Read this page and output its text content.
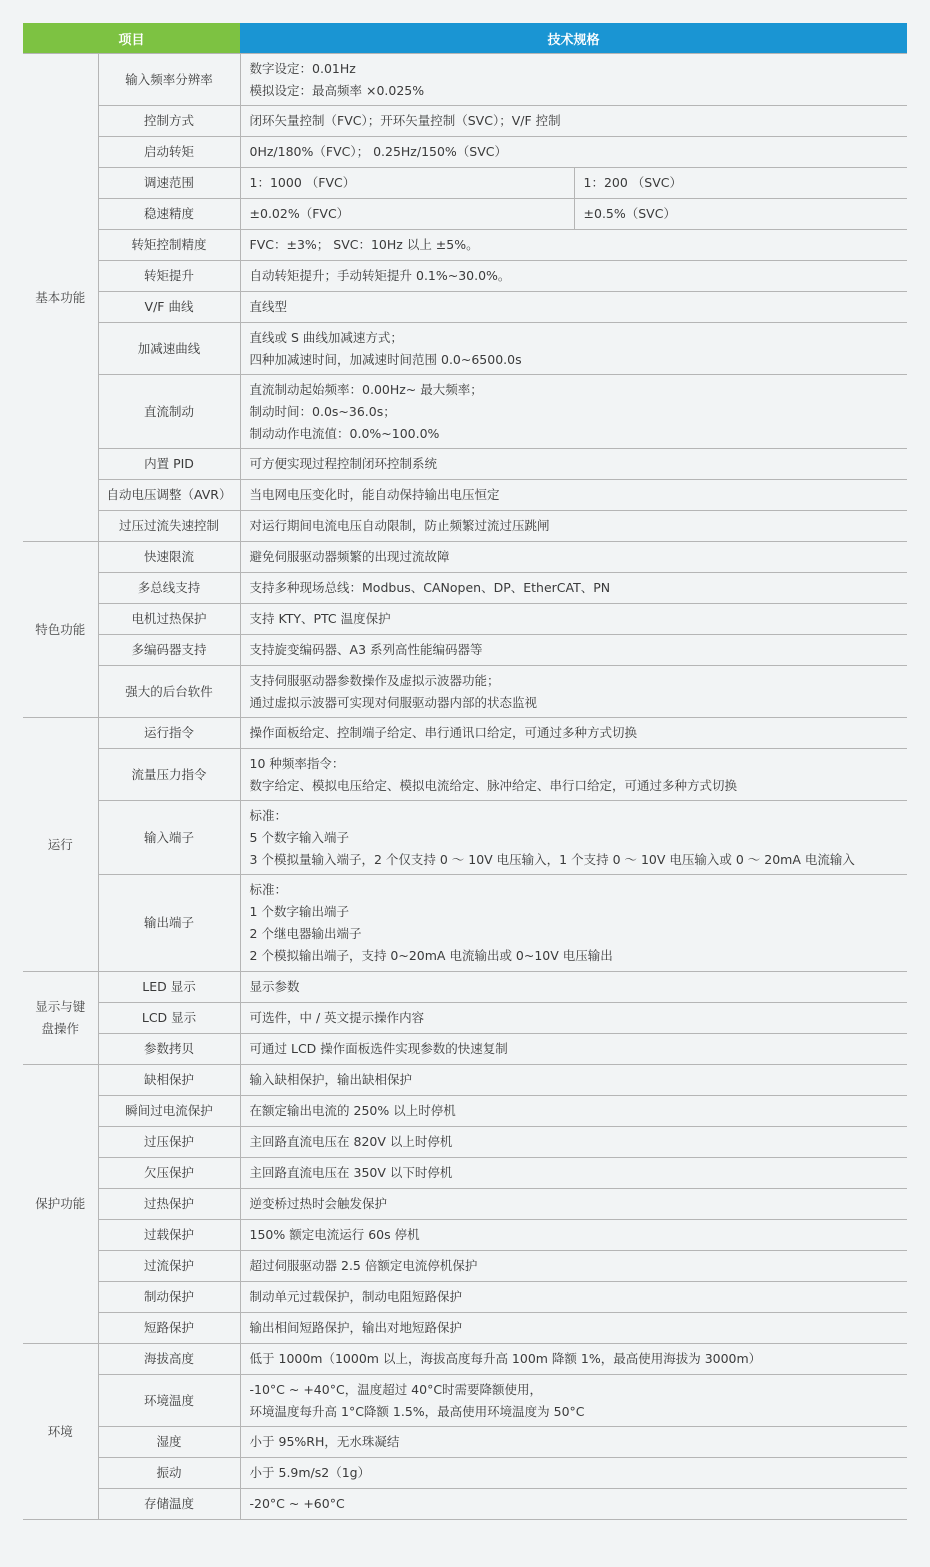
项目		技术规格	

基本功能	输入频率分辨率	数字设定：0.01Hz
模拟设定：最高频率 ×0.025%	

	控制方式	闭环矢量控制（FVC）；开环矢量控制（SVC）；V/F 控制	

	启动转矩	0Hz/180%（FVC）； 0.25Hz/150%（SVC）	

	调速范围	1：1000 （FVC）	1：200 （SVC）

	稳速精度	±0.02%（FVC）	±0.5%（SVC）

	转矩控制精度	FVC：±3%； SVC：10Hz 以上 ±5%。	

	转矩提升	自动转矩提升；手动转矩提升 0.1%~30.0%。	

	V/F 曲线	直线型	

	加减速曲线	直线或 S 曲线加减速方式；
四种加减速时间，加减速时间范围 0.0~6500.0s	

	直流制动	直流制动起始频率：0.00Hz~ 最大频率；
制动时间：0.0s~36.0s；
制动动作电流值：0.0%~100.0%	

	内置 PID	可方便实现过程控制闭环控制系统	

	自动电压调整（AVR）	当电网电压变化时，能自动保持输出电压恒定	

	过压过流失速控制	对运行期间电流电压自动限制，防止频繁过流过压跳闸	

特色功能	快速限流	避免伺服驱动器频繁的出现过流故障	

	多总线支持	支持多种现场总线：Modbus、CANopen、DP、EtherCAT、PN	

	电机过热保护	支持 KTY、PTC 温度保护	

	多编码器支持	支持旋变编码器、A3 系列高性能编码器等	

	强大的后台软件	支持伺服驱动器参数操作及虚拟示波器功能；
通过虚拟示波器可实现对伺服驱动器内部的状态监视	

运行	运行指令	操作面板给定、控制端子给定、串行通讯口给定，可通过多种方式切换	

	流量压力指令	10 种频率指令：
数字给定、模拟电压给定、模拟电流给定、脉冲给定、串行口给定，可通过多种方式切换	

	输入端子	标准：
5 个数字输入端子
3 个模拟量输入端子，2 个仅支持 0 ～ 10V 电压输入，1 个支持 0 ～ 10V 电压输入或 0 ～ 20mA 电流输入	

	输出端子	标准：
1 个数字输出端子
2 个继电器输出端子
2 个模拟输出端子，支持 0~20mA 电流输出或 0~10V 电压输出	

显示与键
盘操作	LED 显示	显示参数	

	LCD 显示	可选件，中 / 英文提示操作内容	

	参数拷贝	可通过 LCD 操作面板选件实现参数的快速复制	

保护功能	缺相保护	输入缺相保护，输出缺相保护	

	瞬间过电流保护	在额定输出电流的 250% 以上时停机	

	过压保护	主回路直流电压在 820V 以上时停机	

	欠压保护	主回路直流电压在 350V 以下时停机	

	过热保护	逆变桥过热时会触发保护	

	过载保护	150% 额定电流运行 60s 停机	

	过流保护	超过伺服驱动器 2.5 倍额定电流停机保护	

	制动保护	制动单元过载保护，制动电阻短路保护	

	短路保护	输出相间短路保护，输出对地短路保护	

环境	海拔高度	低于 1000m（1000m 以上，海拔高度每升高 100m 降额 1%，最高使用海拔为 3000m）	

	环境温度	-10°C ~ +40°C，温度超过 40°C时需要降额使用，
环境温度每升高 1°C降额 1.5%，最高使用环境温度为 50°C	

	湿度	小于 95%RH，无水珠凝结	

	振动	小于 5.9m/s2（1g）	

	存储温度	-20°C ~ +60°C	
